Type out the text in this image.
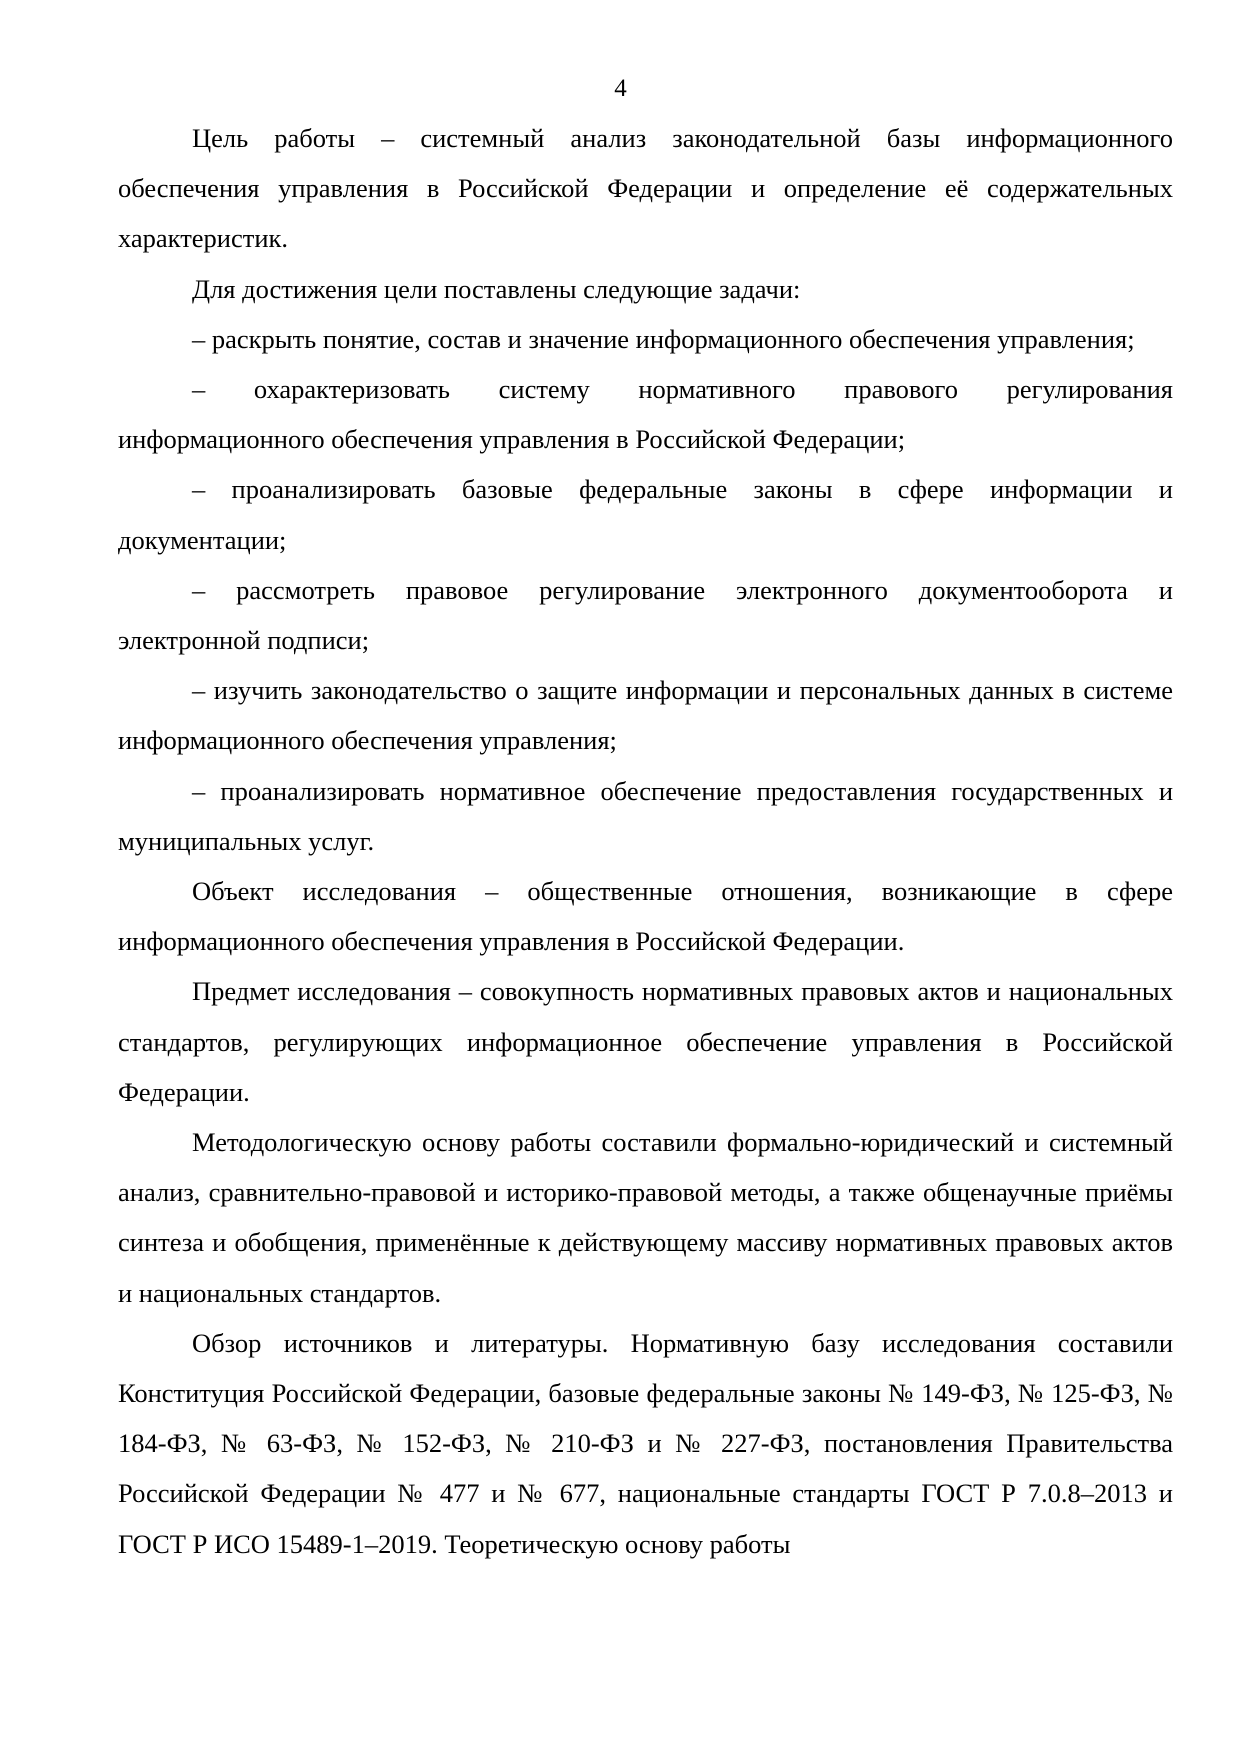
4

Цель работы – системный анализ законодательной базы информационного обеспечения управления в Российской Федерации и определение её содержательных характеристик.

Для достижения цели поставлены следующие задачи:

– раскрыть понятие, состав и значение информационного обеспечения управления;

– охарактеризовать систему нормативного правового регулирования информационного обеспечения управления в Российской Федерации;

– проанализировать базовые федеральные законы в сфере информации и документации;

– рассмотреть правовое регулирование электронного документооборота и электронной подписи;

– изучить законодательство о защите информации и персональных данных в системе информационного обеспечения управления;

– проанализировать нормативное обеспечение предоставления государственных и муниципальных услуг.

Объект исследования – общественные отношения, возникающие в сфере информационного обеспечения управления в Российской Федерации.

Предмет исследования – совокупность нормативных правовых актов и национальных стандартов, регулирующих информационное обеспечение управления в Российской Федерации.

Методологическую основу работы составили формально-юридический и системный анализ, сравнительно-правовой и историко-правовой методы, а также общенаучные приёмы синтеза и обобщения, применённые к действующему массиву нормативных правовых актов и национальных стандартов.

Обзор источников и литературы. Нормативную базу исследования составили Конституция Российской Федерации, базовые федеральные законы № 149-ФЗ, № 125-ФЗ, № 184-ФЗ, № 63-ФЗ, № 152-ФЗ, № 210-ФЗ и № 227-ФЗ, постановления Правительства Российской Федерации № 477 и № 677, национальные стандарты ГОСТ Р 7.0.8–2013 и ГОСТ Р ИСО 15489-1–2019. Теоретическую основу работы
